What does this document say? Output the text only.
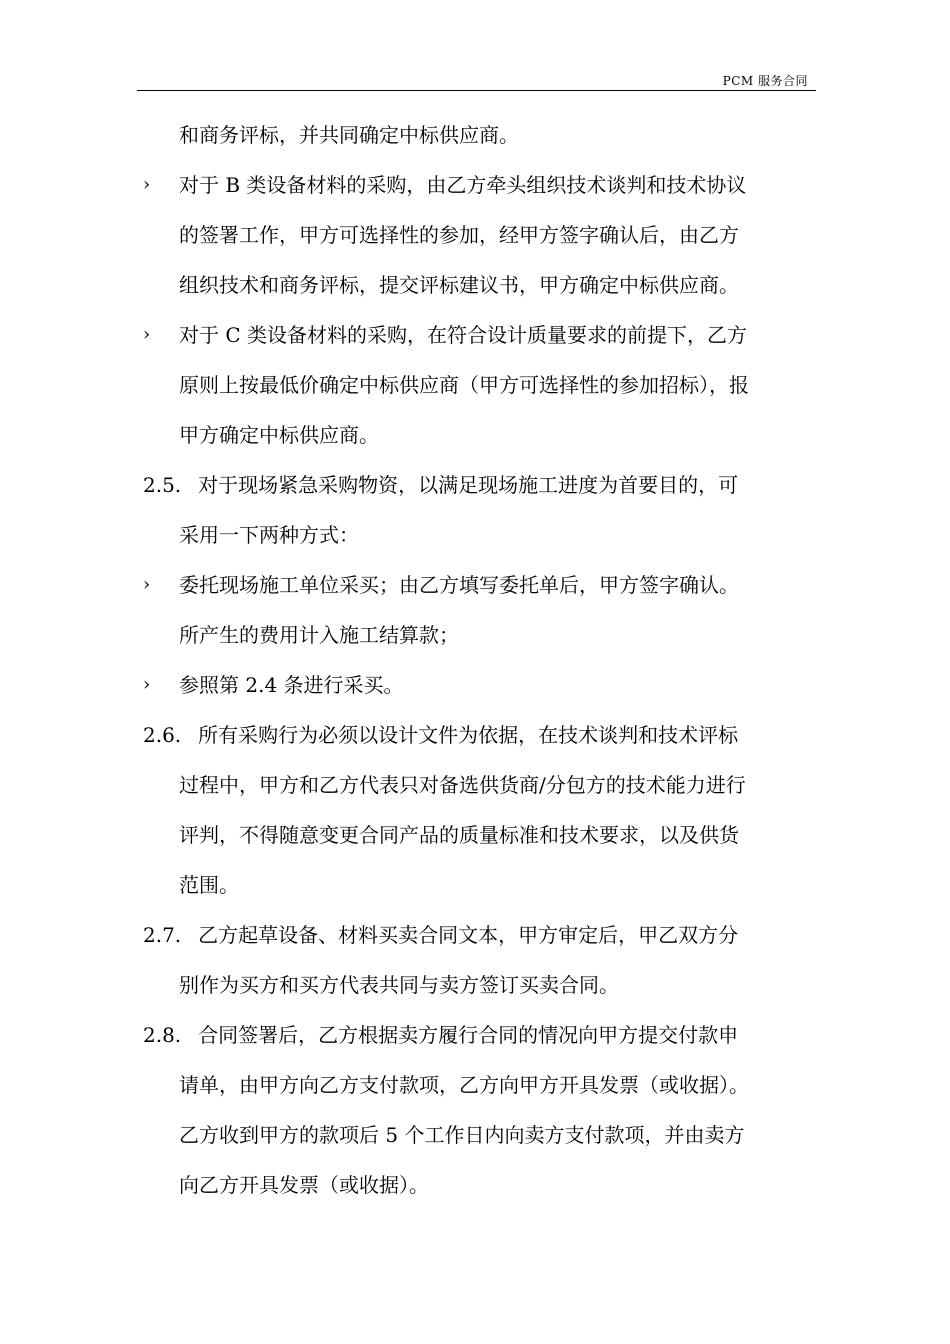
PCM 服务合同
和商务评标，并共同确定中标供应商。
› 对于 B 类设备材料的采购，由乙方牵头组织技术谈判和技术协议
的签署工作，甲方可选择性的参加，经甲方签字确认后，由乙方
组织技术和商务评标，提交评标建议书，甲方确定中标供应商。
› 对于 C 类设备材料的采购，在符合设计质量要求的前提下，乙方
原则上按最低价确定中标供应商（甲方可选择性的参加招标），报
甲方确定中标供应商。
2.5.
对于现场紧急采购物资，以满足现场施工进度为首要目的，可
采用一下两种方式：
› 委托现场施工单位采买；由乙方填写委托单后，甲方签字确认。
所产生的费用计入施工结算款；
› 参照第 2.4 条进行采买。
2.6.
所有采购行为必须以设计文件为依据，在技术谈判和技术评标
过程中，甲方和乙方代表只对备选供货商/分包方的技术能力进行
评判，不得随意变更合同产品的质量标准和技术要求，以及供货
范围。
2.7.
乙方起草设备、材料买卖合同文本，甲方审定后，甲乙双方分
别作为买方和买方代表共同与卖方签订买卖合同。
2.8.
合同签署后，乙方根据卖方履行合同的情况向甲方提交付款申
请单，由甲方向乙方支付款项，乙方向甲方开具发票（或收据）。
乙方收到甲方的款项后 5 个工作日内向卖方支付款项，并由卖方
向乙方开具发票（或收据）。
